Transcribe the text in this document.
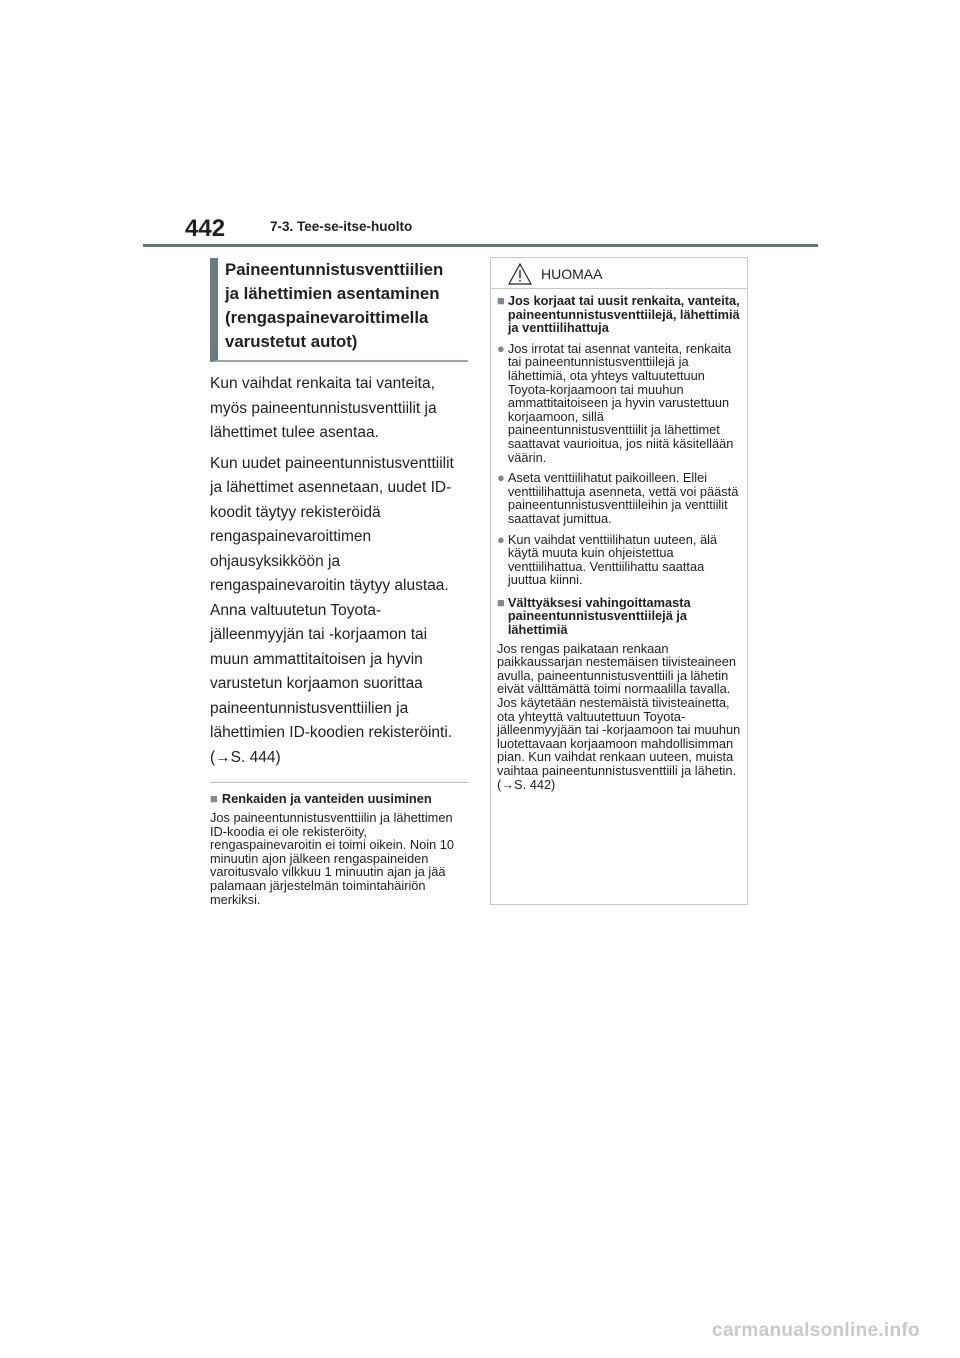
442	7-3. Tee-se-itse-huolto
Paineentunnistusventtiilien
ja lähettimien asentaminen
(rengaspainevaroittimella
varustetut autot)

Kun vaihdat renkaita tai vanteita, myös paineentunnistusventtiilit ja lähettimet tulee asentaa.

Kun uudet paineentunnistusventtiilit ja lähettimet asennetaan, uudet ID-koodit täytyy rekisteröidä rengaspainevaroittimen ohjausyksikköön ja rengaspainevaroitin täytyy alustaa. Anna valtuutetun Toyota-jälleenmyyjän tai -korjaamon tai muun ammattitaitoisen ja hyvin varustetun korjaamon suorittaa paineentunnistusventtiilien ja lähettimien ID-koodien rekisteröinti. (→S. 444)

■ Renkaiden ja vanteiden uusiminen
Jos paineentunnistusventtiilin ja lähettimen ID-koodia ei ole rekisteröity, rengaspainevaroitin ei toimi oikein. Noin 10 minuutin ajon jälkeen rengaspaineiden varoitusvalo vilkkuu 1 minuutin ajan ja jää palamaan järjestelmän toimintahäiriön merkiksi.
HUOMAA
■ Jos korjaat tai uusit renkaita, vanteita, paineentunnistusventtiilejä, lähettimiä ja venttiilihattuja
● Jos irrotat tai asennat vanteita, renkaita tai paineentunnistusventtiilejä ja lähettimiä, ota yhteys valtuutettuun Toyota-korjaamoon tai muuhun ammattitaitoiseen ja hyvin varustettuun korjaamoon, sillä paineentunnistusventtiilit ja lähettimet saattavat vaurioitua, jos niitä käsitellään väärin.
● Aseta venttiilihatut paikoilleen. Ellei venttiilihattuja asenneta, vettä voi päästä paineentunnistusventtiileihin ja venttiilit saattavat jumittua.
● Kun vaihdat venttiilihatun uuteen, älä käytä muuta kuin ohjeistettua venttiilihattua. Venttiilihattu saattaa juuttua kiinni.
■ Välttyäksesi vahingoittamasta paineentunnistusventtiilejä ja lähettimiä
Jos rengas paikataan renkaan paikkaussarjan nestemäisen tiivisteaineen avulla, paineentunnistusventtiili ja lähetin eivät välttämättä toimi normaalilla tavalla. Jos käytetään nestemäistä tiivisteainetta, ota yhteyttä valtuutettuun Toyota-jälleenmyyjään tai -korjaamoon tai muuhun luotettavaan korjaamoon mahdollisimman pian. Kun vaihdat renkaan uuteen, muista vaihtaa paineentunnistusventtiili ja lähetin. (→S. 442)
carmanualsonline.info
